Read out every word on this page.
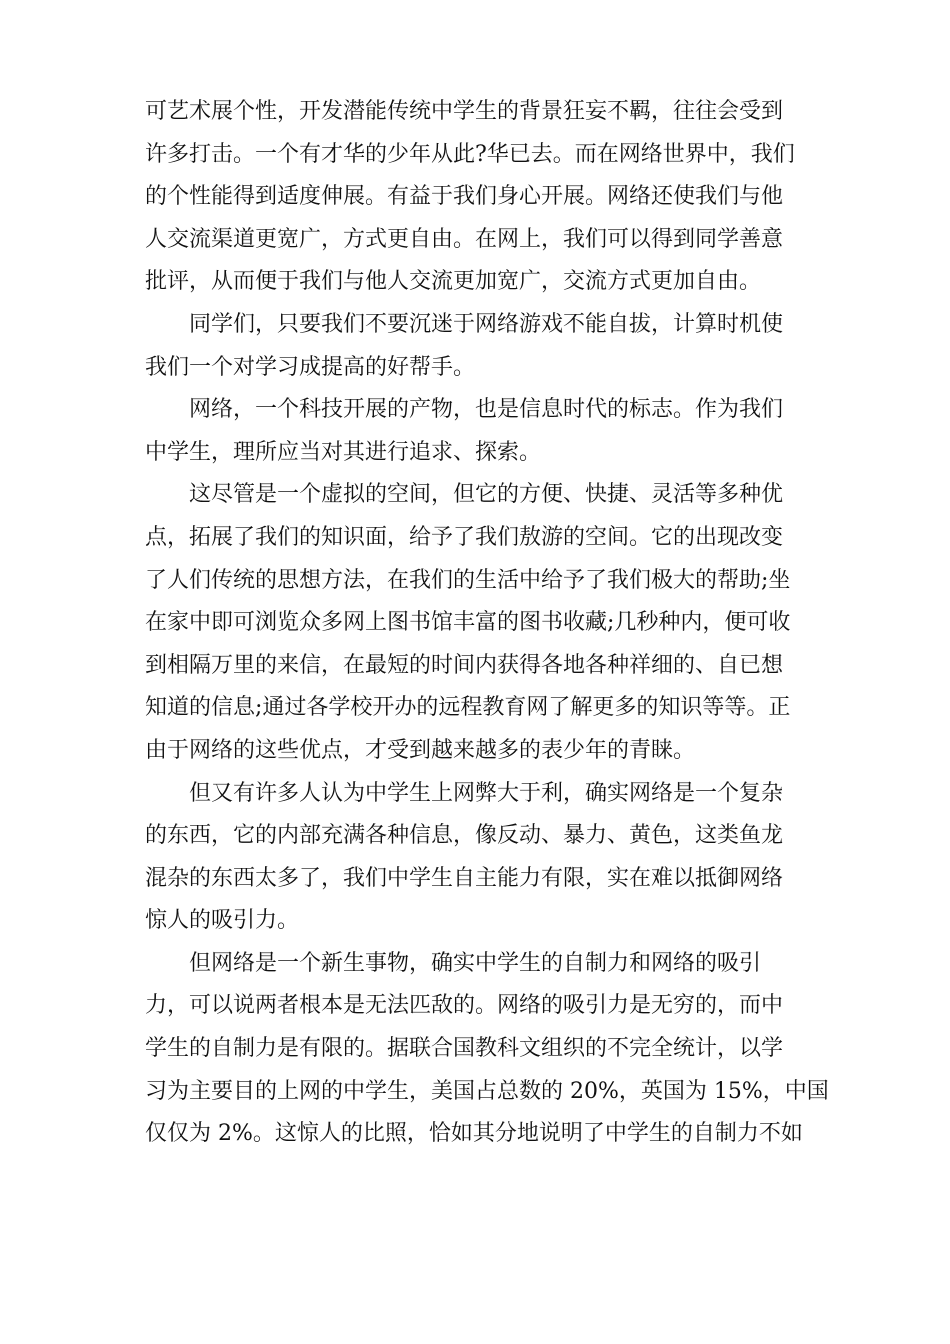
可艺术展个性，开发潜能传统中学生的背景狂妄不羁，往往会受到
许多打击。一个有才华的少年从此?华已去。而在网络世界中，我们
的个性能得到适度伸展。有益于我们身心开展。网络还使我们与他
人交流渠道更宽广，方式更自由。在网上，我们可以得到同学善意
批评，从而便于我们与他人交流更加宽广，交流方式更加自由。
同学们，只要我们不要沉迷于网络游戏不能自拔，计算时机使
我们一个对学习成提高的好帮手。
网络，一个科技开展的产物，也是信息时代的标志。作为我们
中学生，理所应当对其进行追求、探索。
这尽管是一个虚拟的空间，但它的方便、快捷、灵活等多种优
点，拓展了我们的知识面，给予了我们敖游的空间。它的出现改变
了人们传统的思想方法，在我们的生活中给予了我们极大的帮助;坐
在家中即可浏览众多网上图书馆丰富的图书收藏;几秒种内，便可收
到相隔万里的来信，在最短的时间内获得各地各种祥细的、自已想
知道的信息;通过各学校开办的远程教育网了解更多的知识等等。正
由于网络的这些优点，才受到越来越多的表少年的青睐。
但又有许多人认为中学生上网弊大于利，确实网络是一个复杂
的东西，它的内部充满各种信息，像反动、暴力、黄色，这类鱼龙
混杂的东西太多了，我们中学生自主能力有限，实在难以抵御网络
惊人的吸引力。
但网络是一个新生事物，确实中学生的自制力和网络的吸引
力，可以说两者根本是无法匹敌的。网络的吸引力是无穷的，而中
学生的自制力是有限的。据联合国教科文组织的不完全统计，以学
习为主要目的上网的中学生，美国占总数的 20%，英国为 15%，中国
仅仅为 2%。这惊人的比照，恰如其分地说明了中学生的自制力不如
